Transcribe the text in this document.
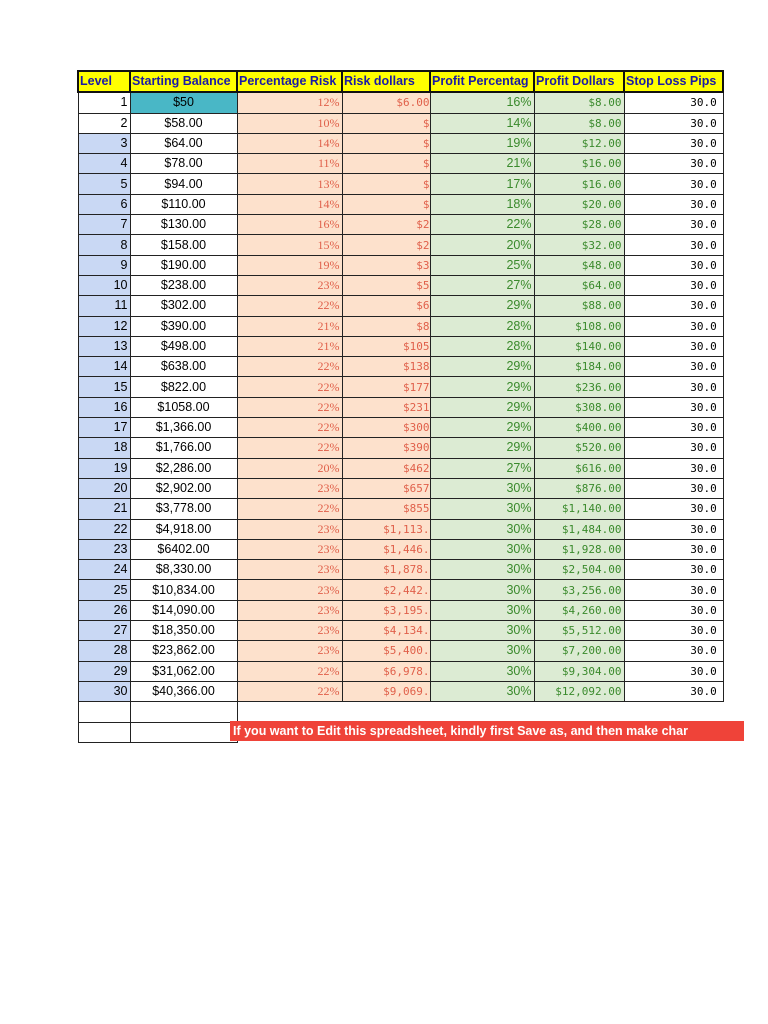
Level	Starting Balance	Percentage Risk	Risk dollars	Profit Percentag	Profit Dollars	Stop Loss Pips
1	$50	12%	$6.00	16%	$8.00	30.0
2	$58.00	10%	$	14%	$8.00	30.0
3	$64.00	14%	$	19%	$12.00	30.0
4	$78.00	11%	$	21%	$16.00	30.0
5	$94.00	13%	$	17%	$16.00	30.0
6	$110.00	14%	$	18%	$20.00	30.0
7	$130.00	16%	$2	22%	$28.00	30.0
8	$158.00	15%	$2	20%	$32.00	30.0
9	$190.00	19%	$3	25%	$48.00	30.0
10	$238.00	23%	$5	27%	$64.00	30.0
11	$302.00	22%	$6	29%	$88.00	30.0
12	$390.00	21%	$8	28%	$108.00	30.0
13	$498.00	21%	$105	28%	$140.00	30.0
14	$638.00	22%	$138	29%	$184.00	30.0
15	$822.00	22%	$177	29%	$236.00	30.0
16	$1058.00	22%	$231	29%	$308.00	30.0
17	$1,366.00	22%	$300	29%	$400.00	30.0
18	$1,766.00	22%	$390	29%	$520.00	30.0
19	$2,286.00	20%	$462	27%	$616.00	30.0
20	$2,902.00	23%	$657	30%	$876.00	30.0
21	$3,778.00	22%	$855	30%	$1,140.00	30.0
22	$4,918.00	23%	$1,113.	30%	$1,484.00	30.0
23	$6402.00	23%	$1,446.	30%	$1,928.00	30.0
24	$8,330.00	23%	$1,878.	30%	$2,504.00	30.0
25	$10,834.00	23%	$2,442.	30%	$3,256.00	30.0
26	$14,090.00	23%	$3,195.	30%	$4,260.00	30.0
27	$18,350.00	23%	$4,134.	30%	$5,512.00	30.0
28	$23,862.00	23%	$5,400.	30%	$7,200.00	30.0
29	$31,062.00	22%	$6,978.	30%	$9,304.00	30.0
30	$40,366.00	22%	$9,069.	30%	$12,092.00	30.0

If you want to Edit this spreadsheet, kindly first Save as, and then make char
